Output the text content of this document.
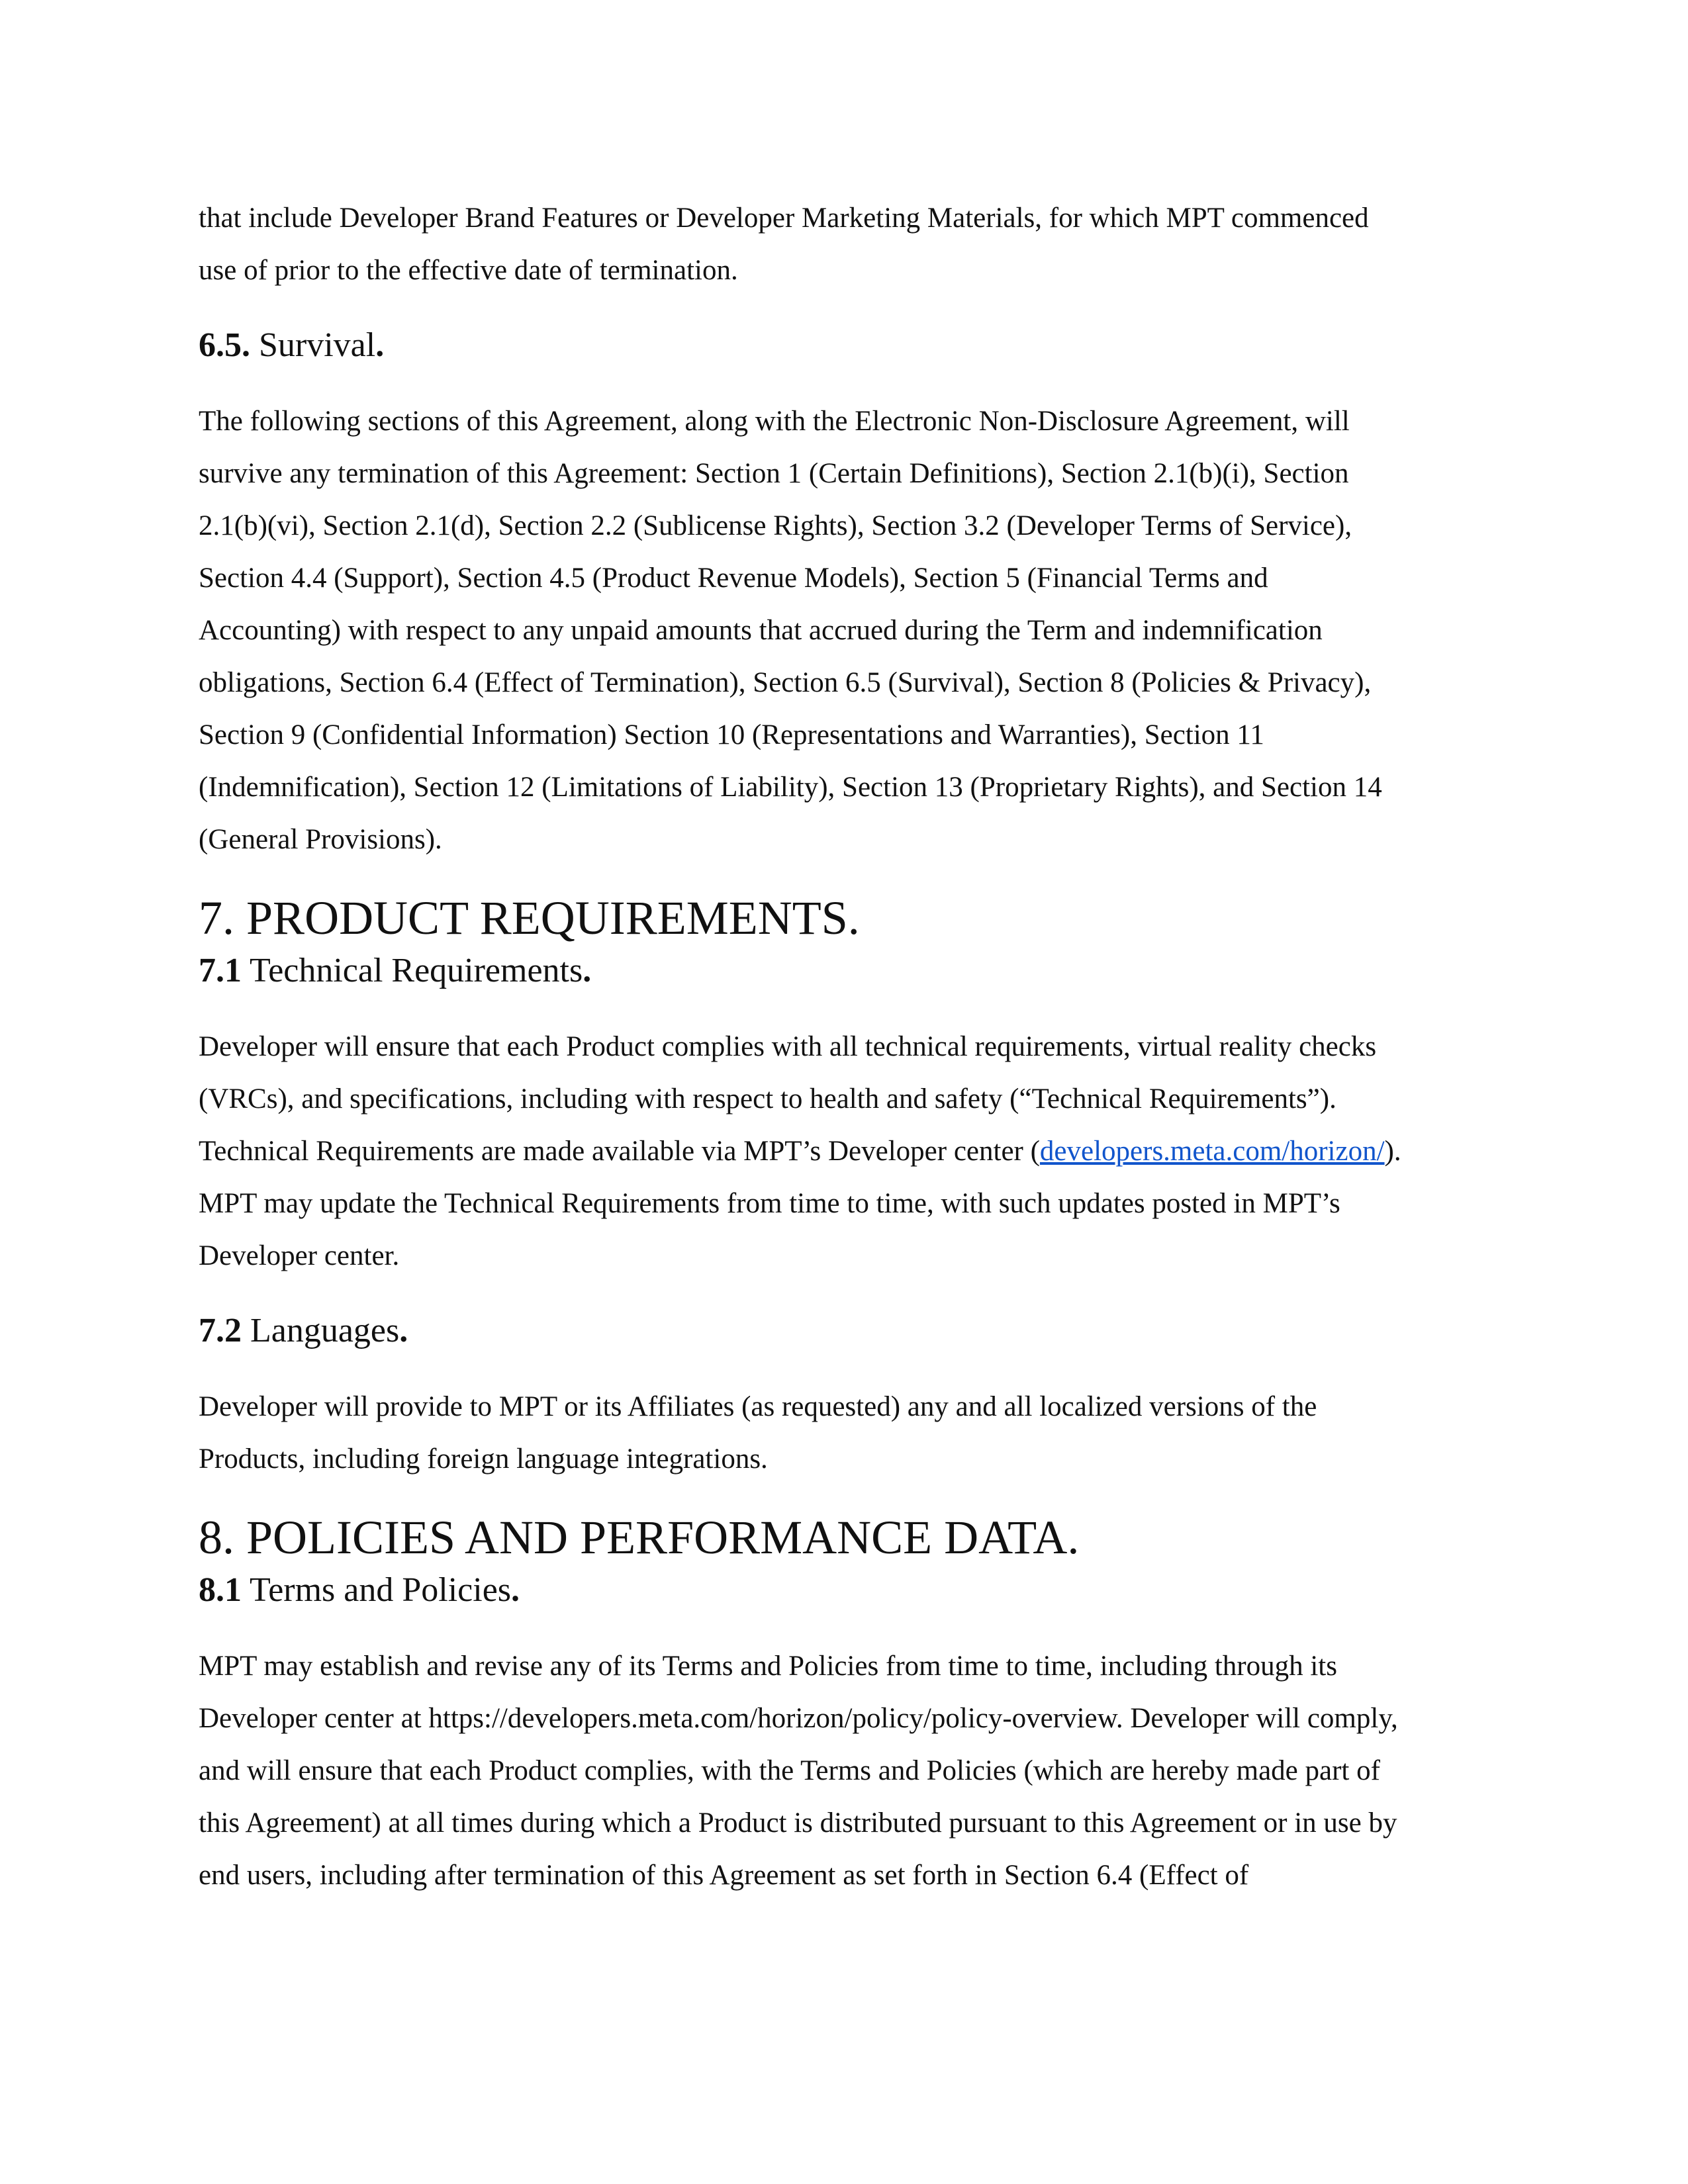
that include Developer Brand Features or Developer Marketing Materials, for which MPT commenced
use of prior to the effective date of termination.

6.5. Survival.

The following sections of this Agreement, along with the Electronic Non-Disclosure Agreement, will
survive any termination of this Agreement: Section 1 (Certain Definitions), Section 2.1(b)(i), Section
2.1(b)(vi), Section 2.1(d), Section 2.2 (Sublicense Rights), Section 3.2 (Developer Terms of Service),
Section 4.4 (Support), Section 4.5 (Product Revenue Models), Section 5 (Financial Terms and
Accounting) with respect to any unpaid amounts that accrued during the Term and indemnification
obligations, Section 6.4 (Effect of Termination), Section 6.5 (Survival), Section 8 (Policies & Privacy),
Section 9 (Confidential Information) Section 10 (Representations and Warranties), Section 11
(Indemnification), Section 12 (Limitations of Liability), Section 13 (Proprietary Rights), and Section 14
(General Provisions).

7. PRODUCT REQUIREMENTS.
7.1 Technical Requirements.

Developer will ensure that each Product complies with all technical requirements, virtual reality checks
(VRCs), and specifications, including with respect to health and safety (“Technical Requirements”).
Technical Requirements are made available via MPT’s Developer center (developers.meta.com/horizon/).
MPT may update the Technical Requirements from time to time, with such updates posted in MPT’s
Developer center.

7.2 Languages.

Developer will provide to MPT or its Affiliates (as requested) any and all localized versions of the
Products, including foreign language integrations.

8. POLICIES AND PERFORMANCE DATA.
8.1 Terms and Policies.

MPT may establish and revise any of its Terms and Policies from time to time, including through its
Developer center at https://developers.meta.com/horizon/policy/policy-overview. Developer will comply,
and will ensure that each Product complies, with the Terms and Policies (which are hereby made part of
this Agreement) at all times during which a Product is distributed pursuant to this Agreement or in use by
end users, including after termination of this Agreement as set forth in Section 6.4 (Effect of
